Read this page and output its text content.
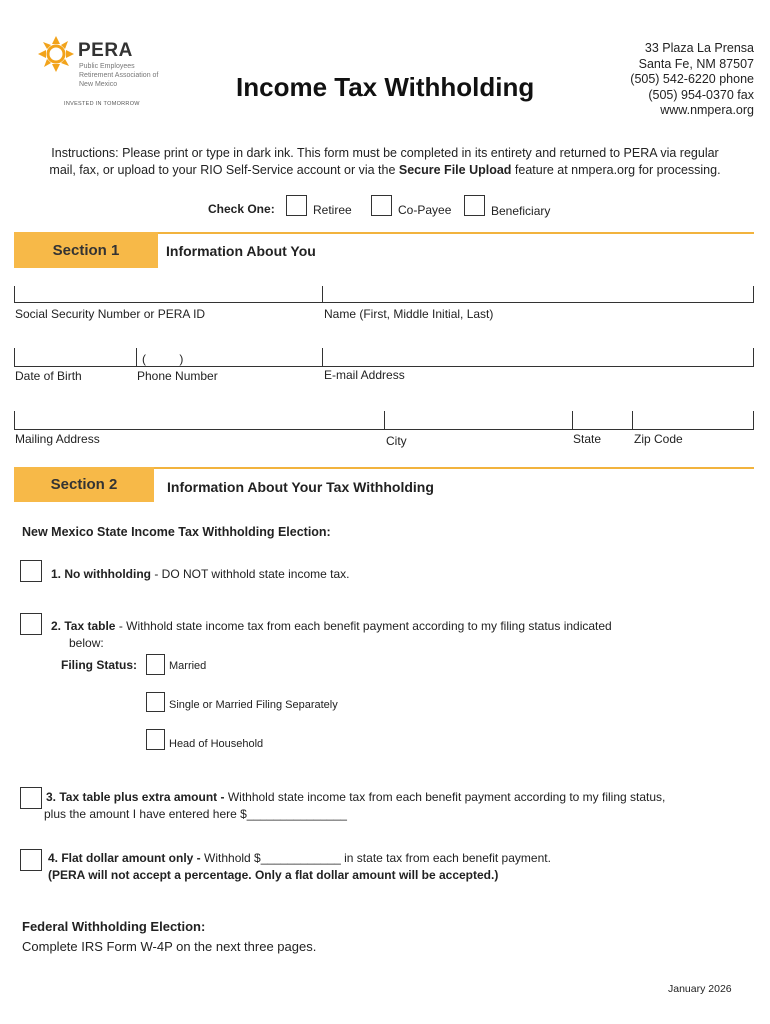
PERA
Public Employees Retirement Association of New Mexico
INVESTED IN TOMORROW
Income Tax Withholding
33 Plaza La Prensa
Santa Fe, NM 87507
(505) 542-6220 phone
(505) 954-0370 fax
www.nmpera.org
Instructions: Please print or type in dark ink. This form must be completed in its entirety and returned to PERA via regular mail, fax, or upload to your RIO Self-Service account or via the Secure File Upload feature at nmpera.org for processing.
Check One:	Retiree	Co-Payee	Beneficiary
Section 1	Information About You
Social Security Number or PERA ID	Name (First, Middle Initial, Last)
(          )
Date of Birth	Phone Number	E-mail Address
Mailing Address	City	State	Zip Code
Section 2	Information About Your Tax Withholding
New Mexico State Income Tax Withholding Election:
1. No withholding - DO NOT withhold state income tax.
2. Tax table - Withhold state income tax from each benefit payment according to my filing status indicated
below:
Filing Status:	Married
Single or Married Filing Separately
Head of Household
3. Tax table plus extra amount - Withhold state income tax from each benefit payment according to my filing status,
plus the amount I have entered here $_______________
4. Flat dollar amount only - Withhold $____________ in state tax from each benefit payment.
(PERA will not accept a percentage. Only a flat dollar amount will be accepted.)
Federal Withholding Election:
Complete IRS Form W-4P on the next three pages.
January 2026
